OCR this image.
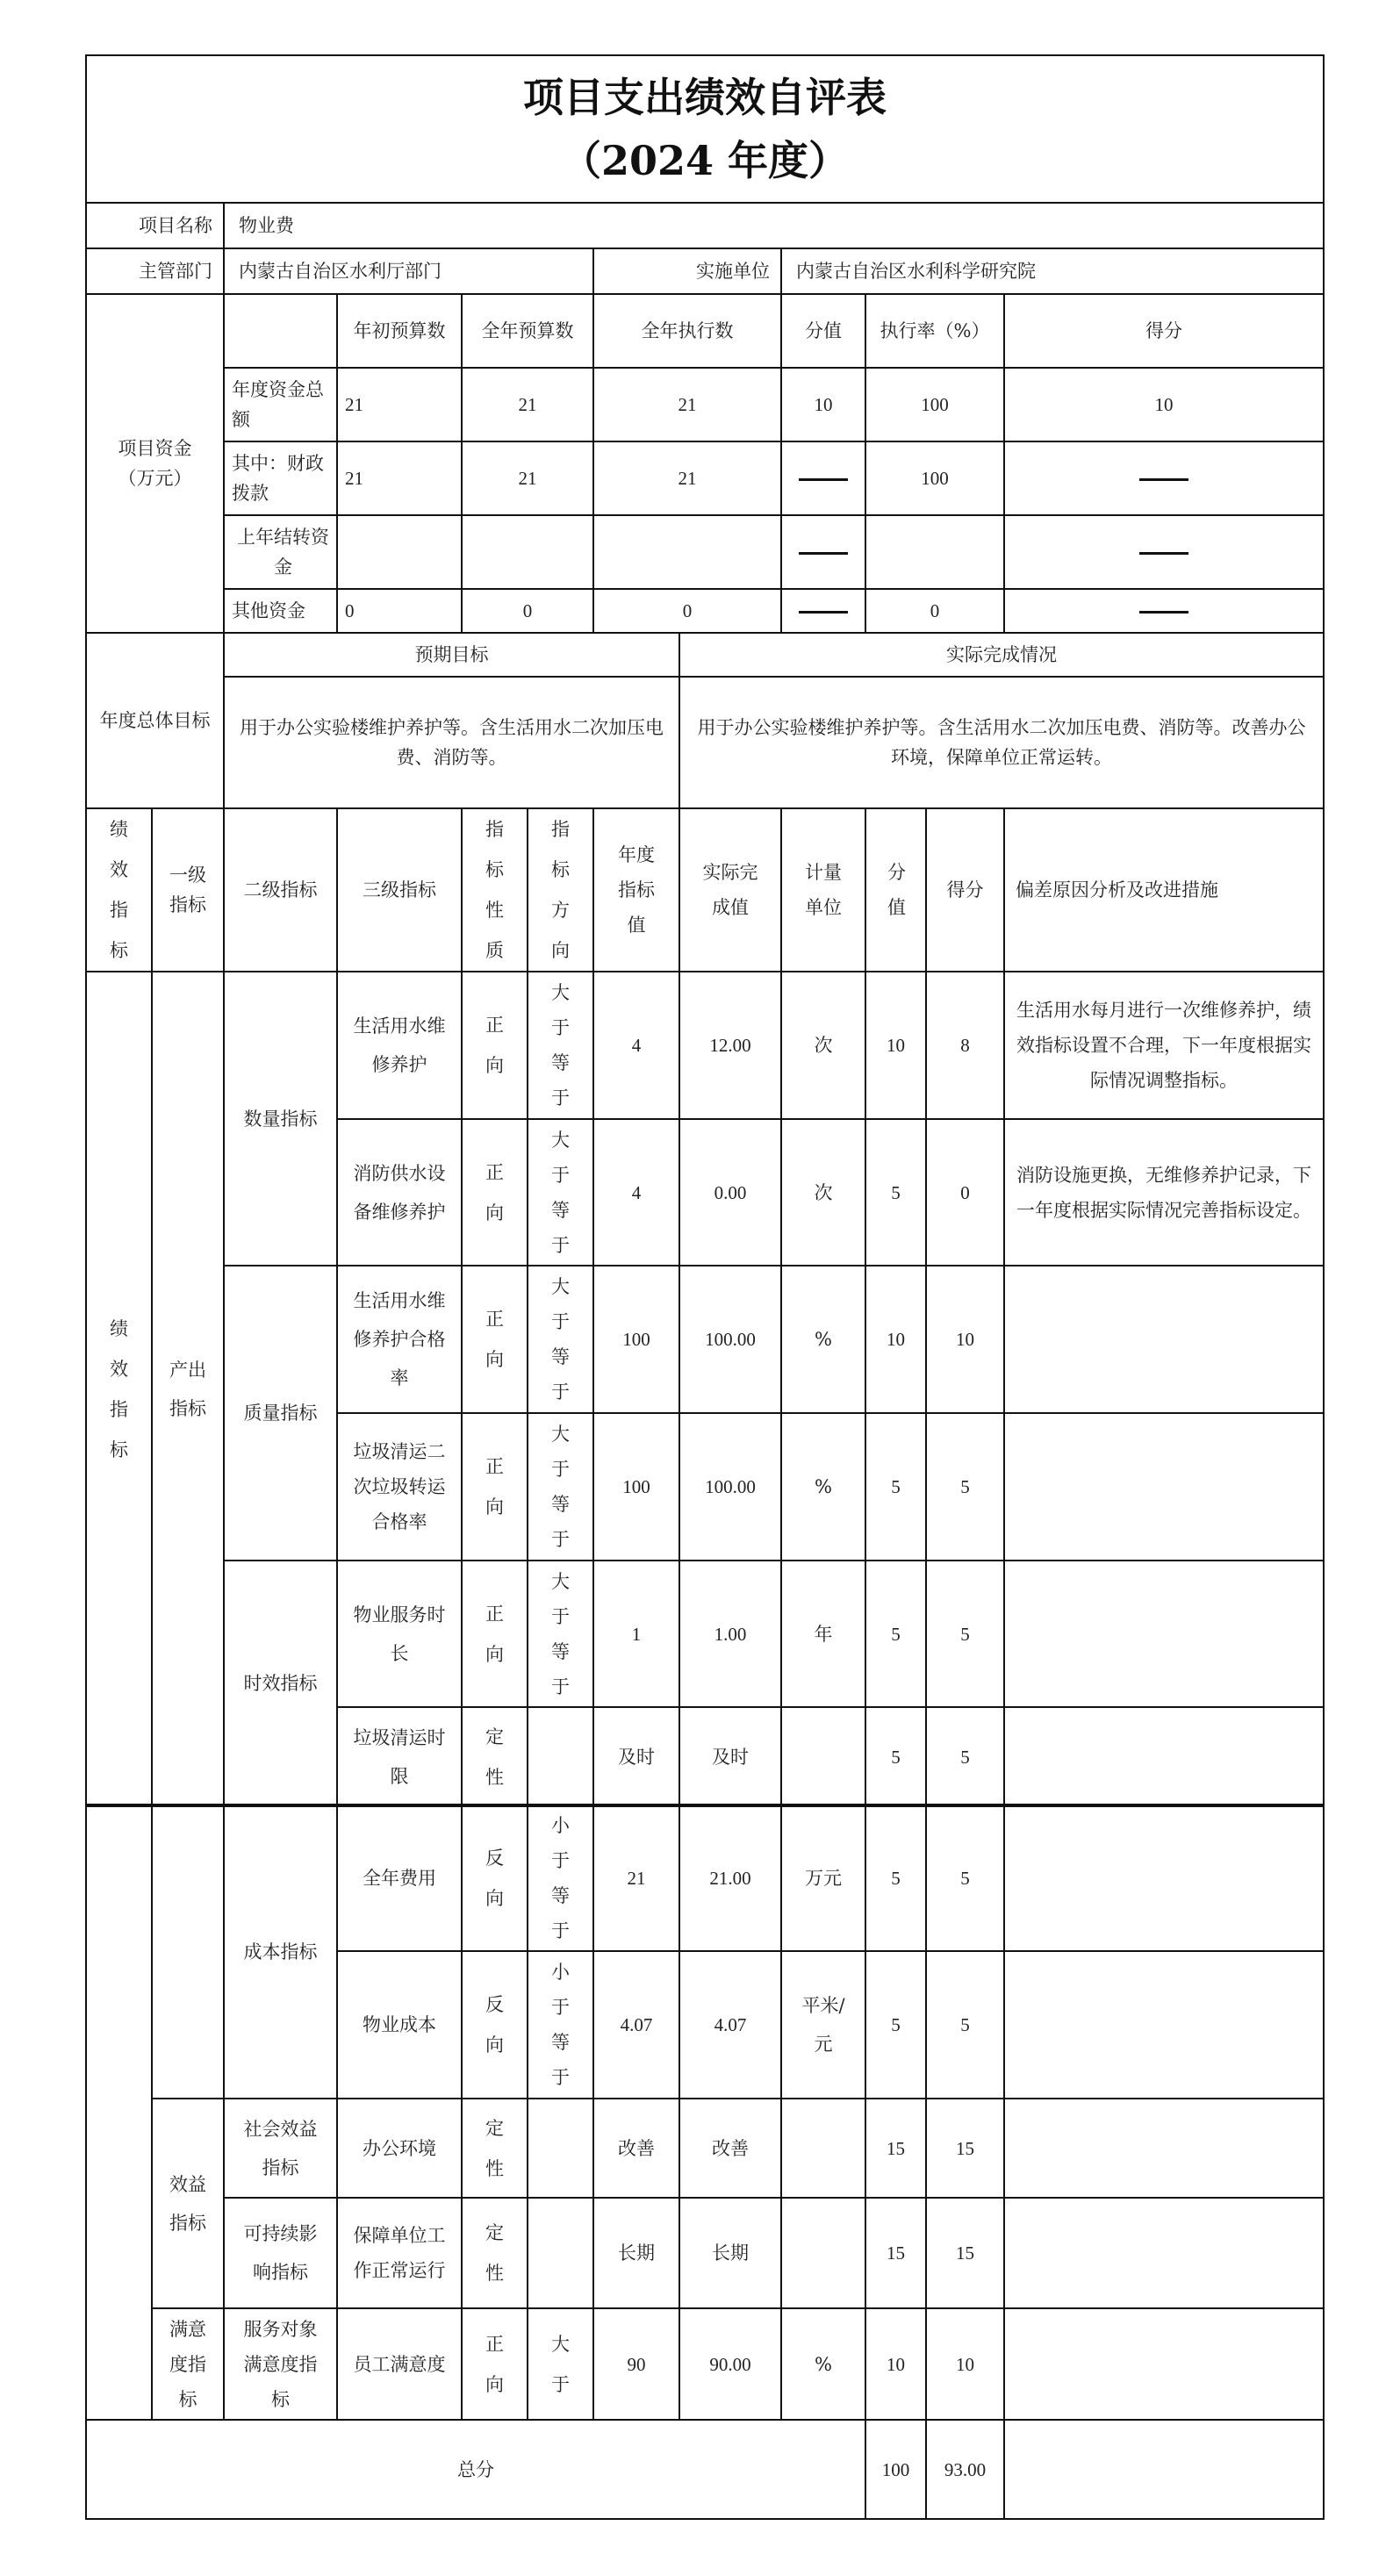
项目支出绩效自评表
（2024 年度）											

项目名称		物业费									
主管部门		内蒙古自治区水利厅部门				实施单位		内蒙古自治区水利科学研究院			
项目资金（万元）			年初预算数	全年预算数		全年执行数		分值	执行率（%）		得分
		年度资金总额	21	21		21		10	100		10
		其中：财政拨款	21	21		21			100		
		上年结转资金									
		其他资金	0	0		0			0		
年度总体目标		预期目标					实际完成情况				
		用于办公实验楼维护养护等。含生活用水二次加压电费、消防等。					用于办公实验楼维护养护等。含生活用水二次加压电费、消防等。改善办公环境，保障单位正常运转。				
绩效指标	一级指标	二级指标	三级指标	指标性质	指标方向	年度指标值	实际完成值	计量单位	分值	得分	偏差原因分析及改进措施
绩效指标	产出指标	数量指标	生活用水维修养护	正向	大于等于	4	12.00	次	10	8	生活用水每月进行一次维修养护，绩效指标设置不合理，下一年度根据实际情况调整指标。
			消防供水设备维修养护	正向	大于等于	4	0.00	次	5	0	消防设施更换，无维修养护记录，下一年度根据实际情况完善指标设定。
		质量指标	生活用水维修养护合格率	正向	大于等于	100	100.00	%	10	10	
			垃圾清运二次垃圾转运合格率	正向	大于等于	100	100.00	%	5	5	
		时效指标	物业服务时长	正向	大于等于	1	1.00	年	5	5	
			垃圾清运时限	定性		及时	及时		5	5	
		成本指标	全年费用	反向	小于等于	21	21.00	万元	5	5	
			物业成本	反向	小于等于	4.07	4.07	平米/元	5	5	
	效益指标	社会效益指标	办公环境	定性		改善	改善		15	15	
		可持续影响指标	保障单位工作正常运行	定性		长期	长期		15	15	
	满意度指标	服务对象满意度指标	员工满意度	正向	大于	90	90.00	%	10	10	
总分									100	93.00	
